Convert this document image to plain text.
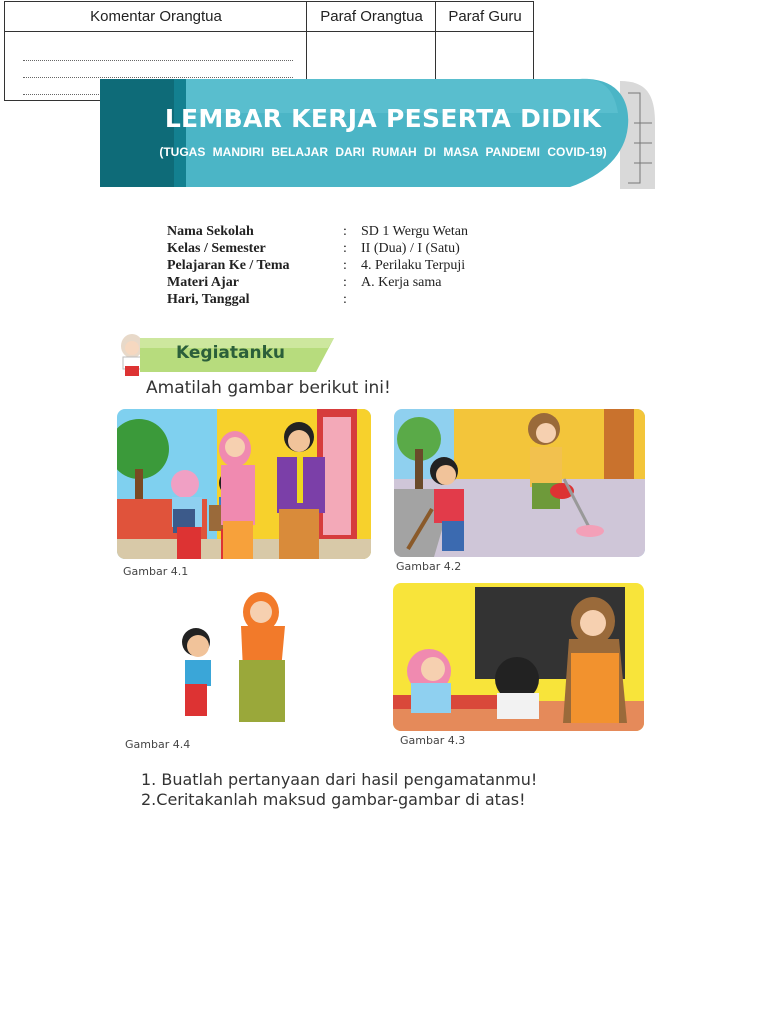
Komentar Orangtua	Paraf Orangtua	Paraf Guru
LEMBAR KERJA PESERTA DIDIK
(TUGAS MANDIRI BELAJAR DARI RUMAH DI MASA PANDEMI COVID-19)
Nama Sekolah	:	SD 1 Wergu Wetan
Kelas / Semester	:	II (Dua) / I (Satu)
Pelajaran Ke / Tema	:	4. Perilaku Terpuji
Materi Ajar	:	A. Kerja sama
Hari, Tanggal	:
Kegiatanku
Amatilah gambar berikut ini!
Gambar 4.1	Gambar 4.2
Gambar 4.4	Gambar 4.3
1. Buatlah pertanyaan dari hasil pengamatanmu!
2.Ceritakanlah maksud gambar-gambar di atas!
